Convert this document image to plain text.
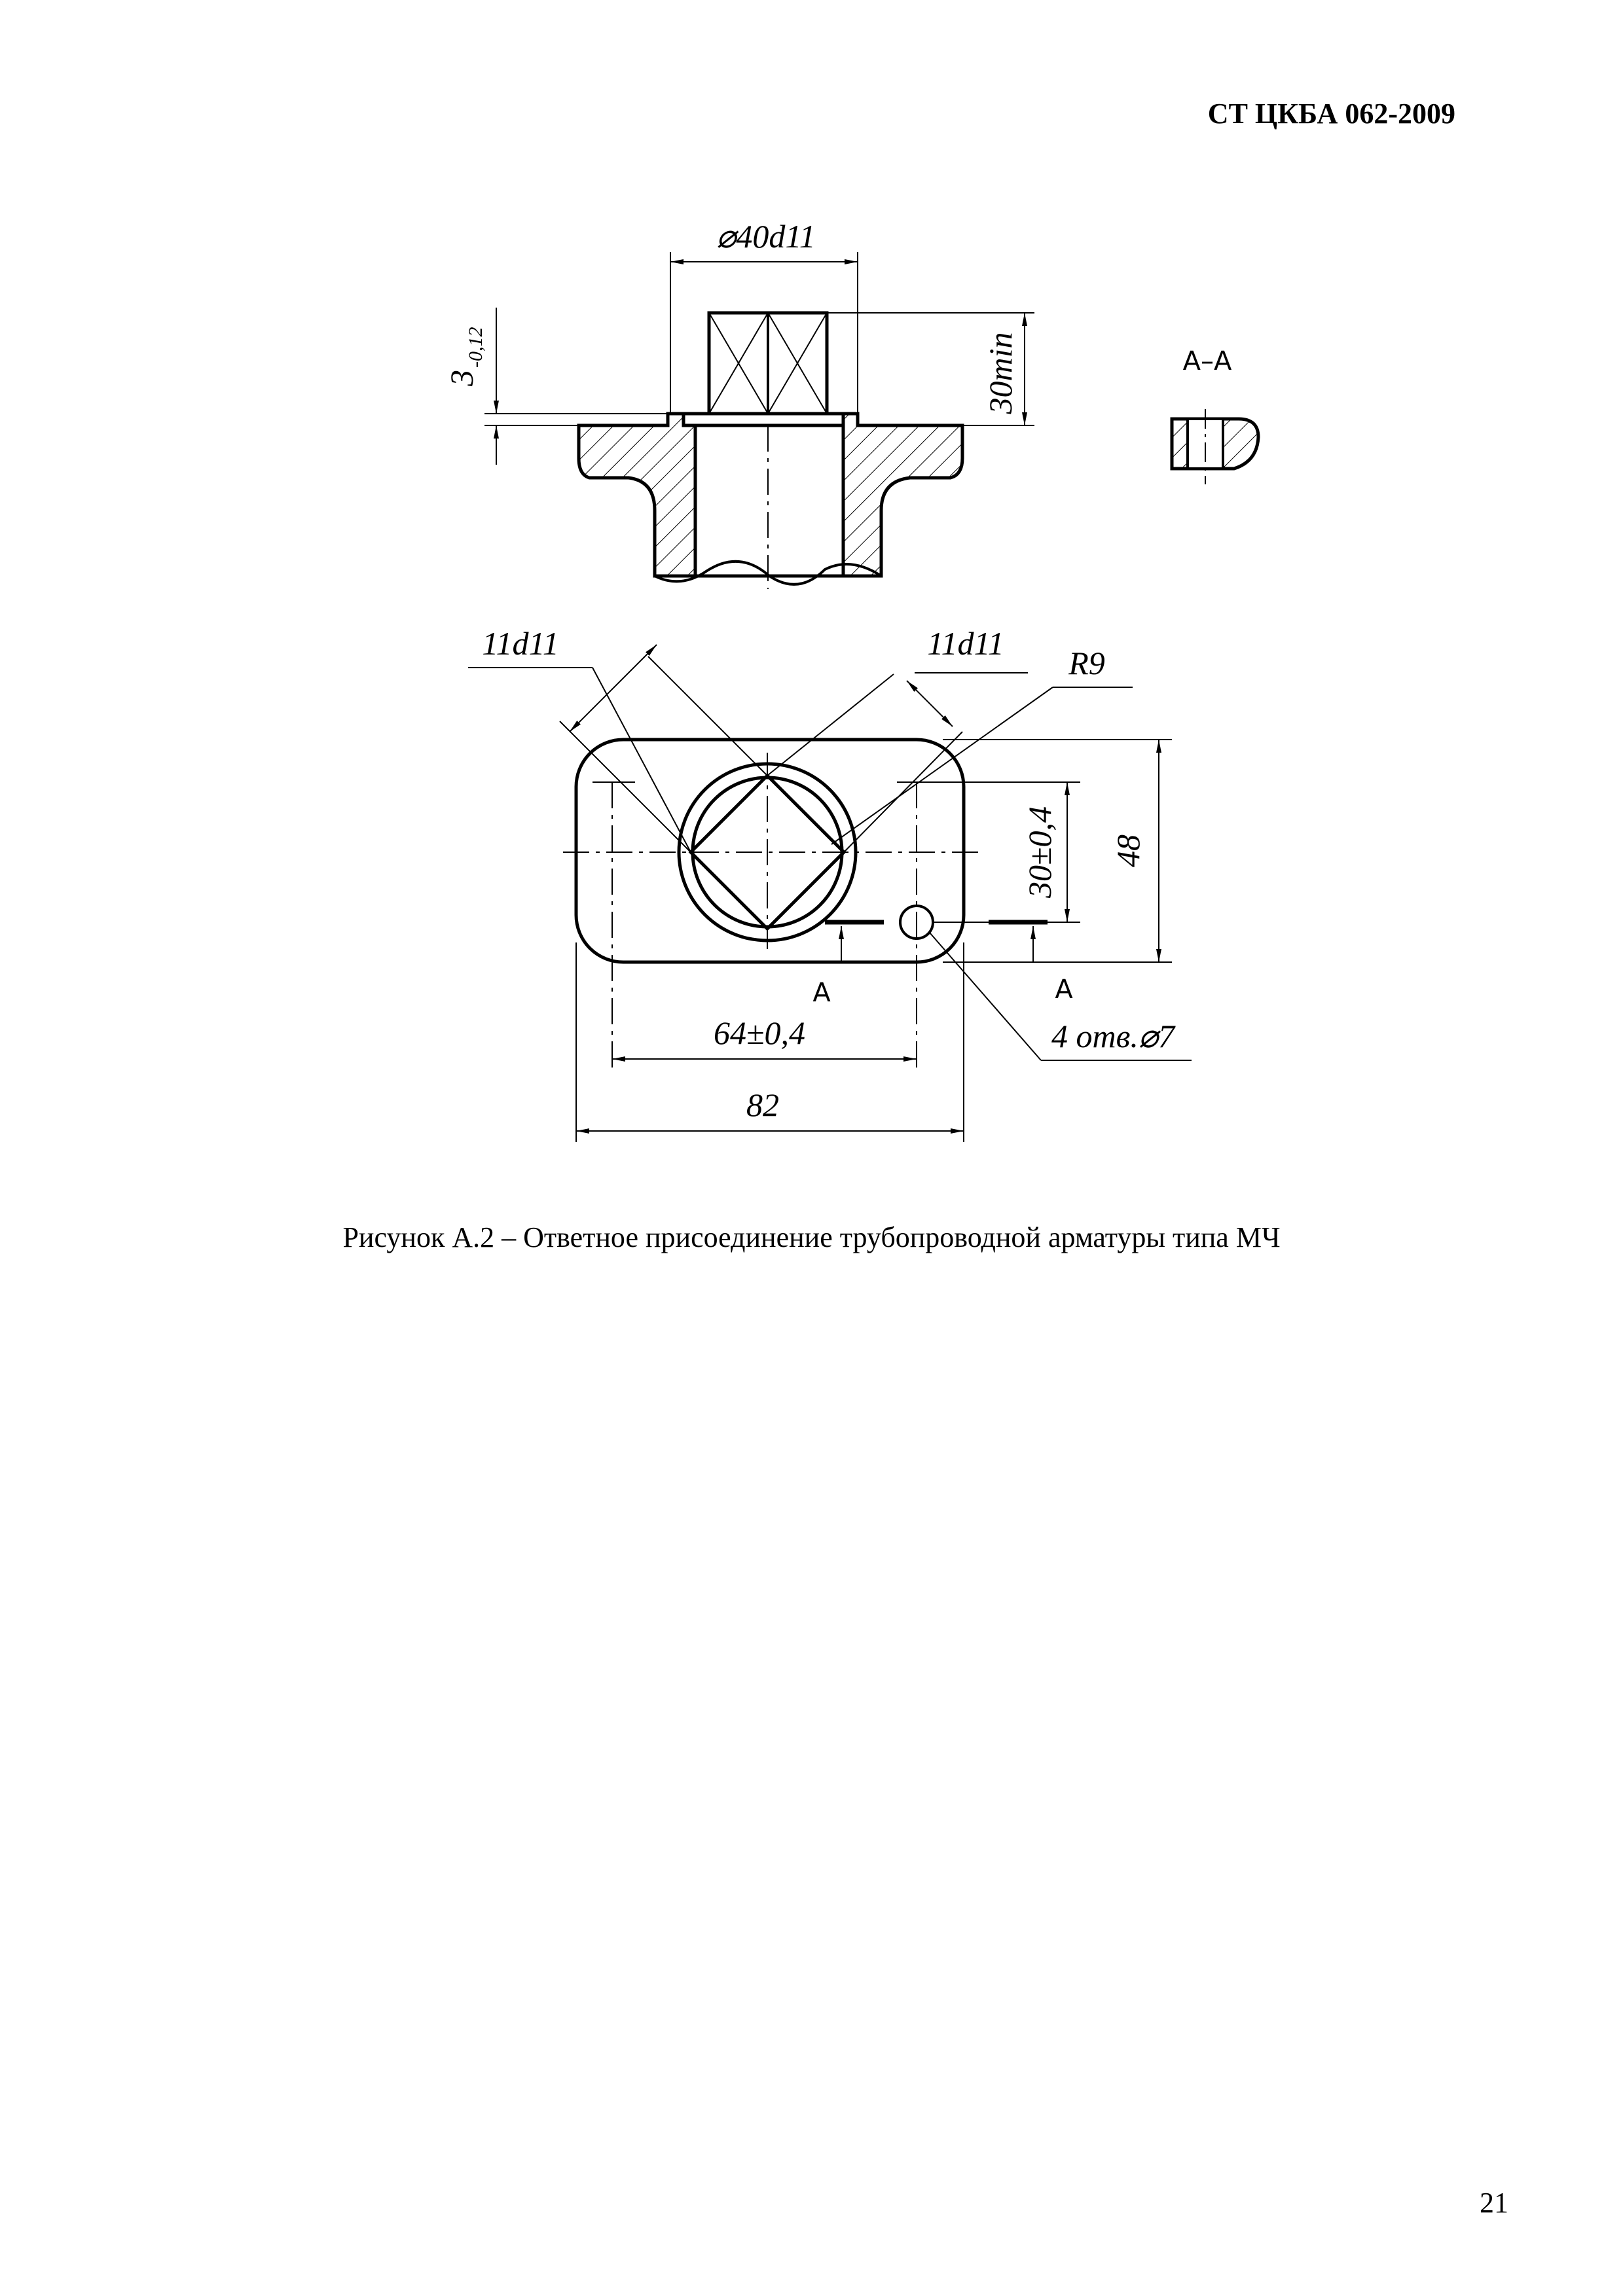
СТ ЦКБА 062-2009
⌀40d11
30min
3
-0,12	А–А
А	А
11d11	11d11
R9
30±0,4 48
64±0,4
82
4 отв.⌀7
Рисунок А.2 – Ответное присоединение трубопроводной арматуры типа МЧ
21
